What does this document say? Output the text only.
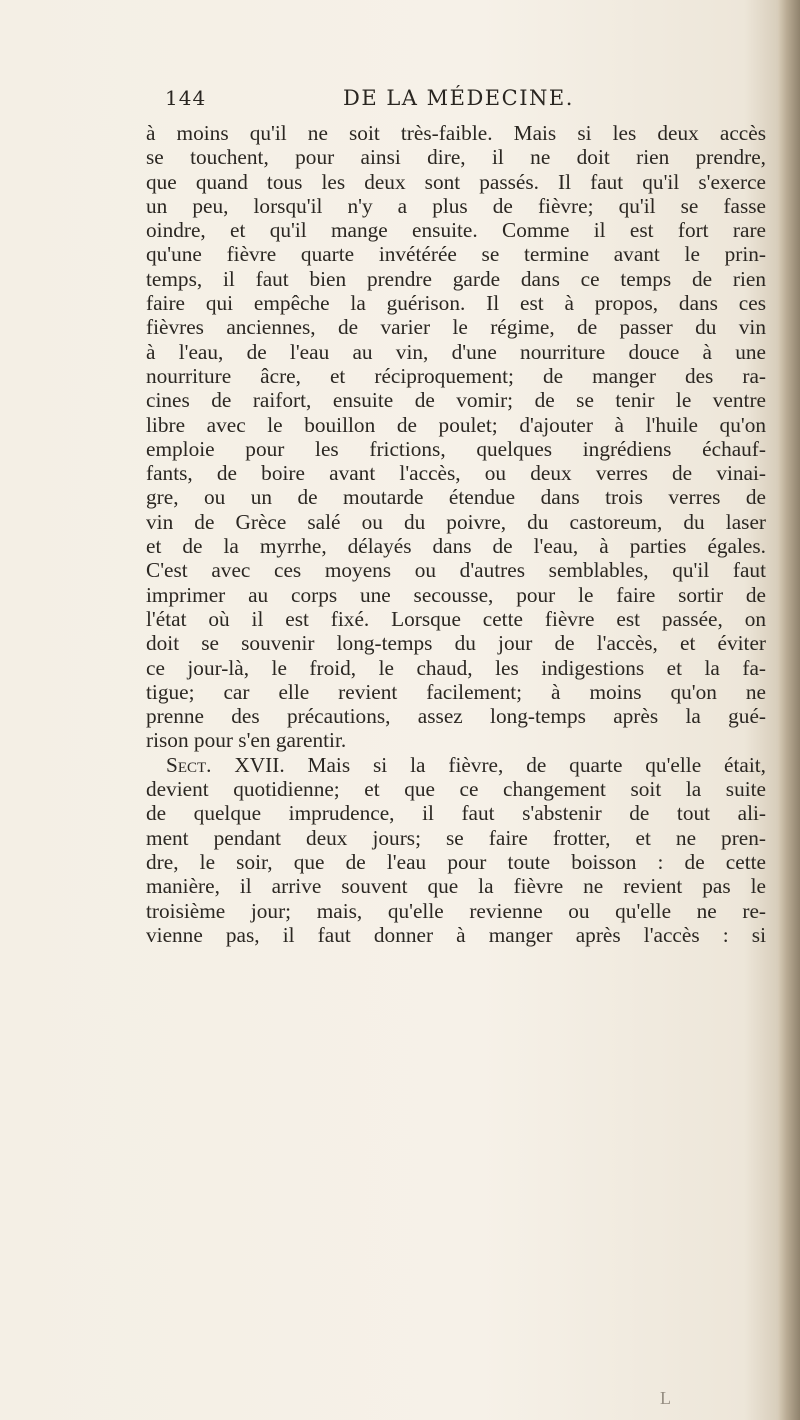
144	DE LA MÉDECINE.
à moins qu'il ne soit très-faible. Mais si les deux accès
se touchent, pour ainsi dire, il ne doit rien prendre,
que quand tous les deux sont passés. Il faut qu'il s'exerce
un peu, lorsqu'il n'y a plus de fièvre; qu'il se fasse
oindre, et qu'il mange ensuite. Comme il est fort rare
qu'une fièvre quarte invétérée se termine avant le prin-
temps, il faut bien prendre garde dans ce temps de rien
faire qui empêche la guérison. Il est à propos, dans ces
fièvres anciennes, de varier le régime, de passer du vin
à l'eau, de l'eau au vin, d'une nourriture douce à une
nourriture âcre, et réciproquement; de manger des ra-
cines de raifort, ensuite de vomir; de se tenir le ventre
libre avec le bouillon de poulet; d'ajouter à l'huile qu'on
emploie pour les frictions, quelques ingrédiens échauf-
fants, de boire avant l'accès, ou deux verres de vinai-
gre, ou un de moutarde étendue dans trois verres de
vin de Grèce salé ou du poivre, du castoreum, du laser
et de la myrrhe, délayés dans de l'eau, à parties égales.
C'est avec ces moyens ou d'autres semblables, qu'il faut
imprimer au corps une secousse, pour le faire sortir de
l'état où il est fixé. Lorsque cette fièvre est passée, on
doit se souvenir long-temps du jour de l'accès, et éviter
ce jour-là, le froid, le chaud, les indigestions et la fa-
tigue; car elle revient facilement; à moins qu'on ne
prenne des précautions, assez long-temps après la gué-
rison pour s'en garentir.
Sect. XVII. Mais si la fièvre, de quarte qu'elle était,
devient quotidienne; et que ce changement soit la suite
de quelque imprudence, il faut s'abstenir de tout ali-
ment pendant deux jours; se faire frotter, et ne pren-
dre, le soir, que de l'eau pour toute boisson : de cette
manière, il arrive souvent que la fièvre ne revient pas le
troisième jour; mais, qu'elle revienne ou qu'elle ne re-
vienne pas, il faut donner à manger après l'accès : si
L
